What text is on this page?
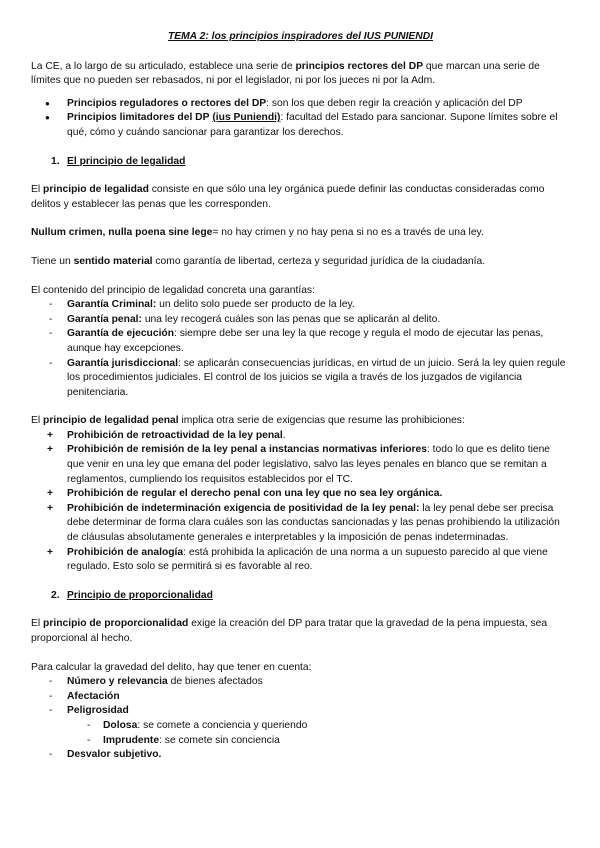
TEMA 2: los principios inspiradores del IUS PUNIENDI

La CE, a lo largo de su articulado, establece una serie de principios rectores del DP que marcan una serie de límites que no pueden ser rebasados, ni por el legislador, ni por los jueces ni por la Adm.

● Principios reguladores o rectores del DP: son los que deben regir la creación y aplicación del DP
● Principios limitadores del DP (ius Puniendi): facultad del Estado para sancionar. Supone límites sobre el qué, cómo y cuándo sancionar para garantizar los derechos.
1. El principio de legalidad

El principio de legalidad consiste en que sólo una ley orgánica puede definir las conductas consideradas como delitos y establecer las penas que les corresponden.

Nullum crimen, nulla poena sine lege= no hay crimen y no hay pena si no es a través de una ley.

Tiene un sentido material como garantía de libertad, certeza y seguridad jurídica de la ciudadanía.

El contenido del principio de legalidad concreta una garantías:

- Garantía Criminal: un delito solo puede ser producto de la ley.
- Garantía penal: una ley recogerá cuáles son las penas que se aplicarán al delito.
- Garantía de ejecución: siempre debe ser una ley la que recoge y regula el modo de ejecutar las penas, aunque hay excepciones.
- Garantía jurisdiccional: se aplicarán consecuencias jurídicas, en virtud de un juicio. Será la ley quien regule los procedimientos judiciales. El control de los juicios se vigila a través de los juzgados de vigilancia penitenciaria.

El principio de legalidad penal implica otra serie de exigencias que resume las prohibiciones:

+ Prohibición de retroactividad de la ley penal.
+ Prohibición de remisión de la ley penal a instancias normativas inferiores: todo lo que es delito tiene que venir en una ley que emana del poder legislativo, salvo las leyes penales en blanco que se remitan a reglamentos, cumpliendo los requisitos establecidos por el TC.
+ Prohibición de regular el derecho penal con una ley que no sea ley orgánica.
+ Prohibición de indeterminación exigencia de positividad de la ley penal: la ley penal debe ser precisa debe determinar de forma clara cuáles son las conductas sancionadas y las penas prohibiendo la utilización de cláusulas absolutamente generales e interpretables y la imposición de penas indeterminadas.
+ Prohibición de analogía: está prohibida la aplicación de una norma a un supuesto parecido al que viene regulado. Esto solo se permitirá si es favorable al reo.
2. Principio de proporcionalidad

El principio de proporcionalidad exige la creación del DP para tratar que la gravedad de la pena impuesta, sea proporcional al hecho.

Para calcular la gravedad del delito, hay que tener en cuenta:

- Número y relevancia de bienes afectados
- Afectación
- Peligrosidad
- Dolosa: se comete a conciencia y queriendo
- Imprudente: se comete sin conciencia
- Desvalor subjetivo.
